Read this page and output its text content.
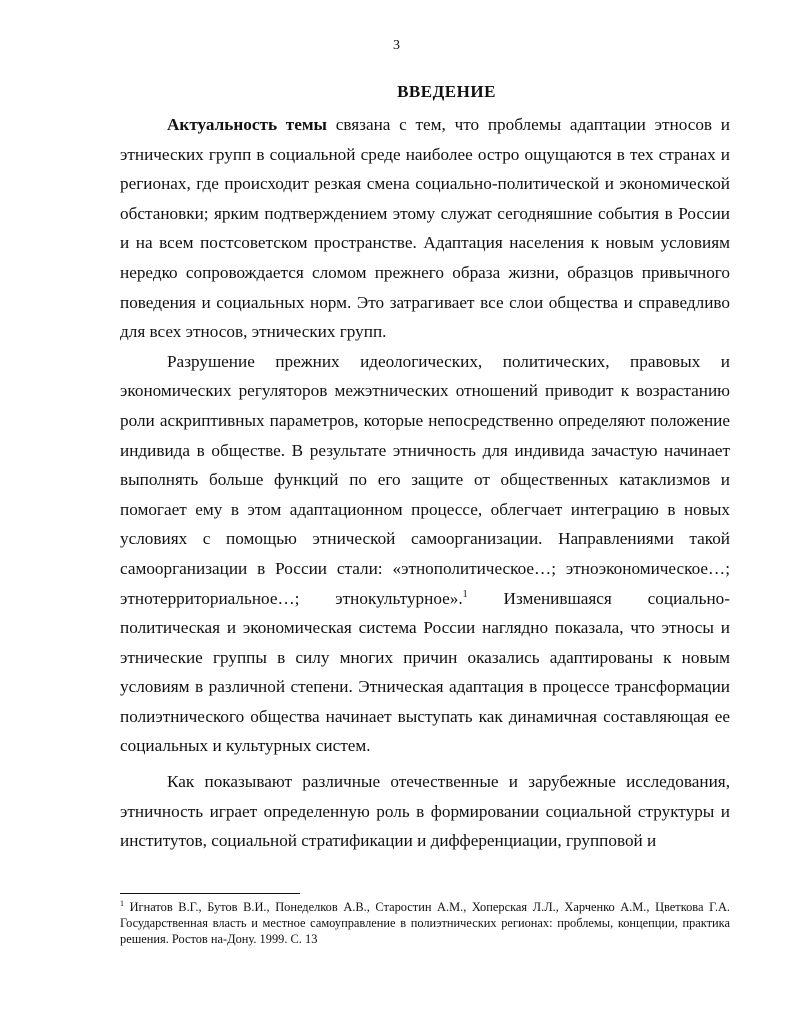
3
ВВЕДЕНИЕ

Актуальность темы связана с тем, что проблемы адаптации этносов и этнических групп в социальной среде наиболее остро ощущаются в тех странах и регионах, где происходит резкая смена социально-политической и экономической обстановки; ярким подтверждением этому служат сегодняшние события в России и на всем постсоветском пространстве. Адаптация населения к новым условиям нередко сопровождается сломом прежнего образа жизни, образцов привычного поведения и социальных норм. Это затрагивает все слои общества и справедливо для всех этносов, этнических групп.

Разрушение прежних идеологических, политических, правовых и экономических регуляторов межэтнических отношений приводит к возрастанию роли аскриптивных параметров, которые непосредственно определяют положение индивида в обществе. В результате этничность для индивида зачастую начинает выполнять больше функций по его защите от общественных катаклизмов и помогает ему в этом адаптационном процессе, облегчает интеграцию в новых условиях с помощью этнической самоорганизации. Направлениями такой самоорганизации в России стали: «этнополитическое…; этноэкономическое…; этнотерриториальное…; этнокультурное».$^1$ Изменившаяся социально-политическая и экономическая система России наглядно показала, что этносы и этнические группы в силу многих причин оказались адаптированы к новым условиям в различной степени. Этническая адаптация в процессе трансформации полиэтнического общества начинает выступать как динамичная составляющая ее социальных и культурных систем.

Как показывают различные отечественные и зарубежные исследования, этничность играет определенную роль в формировании социальной структуры и институтов, социальной стратификации и дифференциации, групповой и

$^1$ Игнатов В.Г., Бутов В.И., Понеделков А.В., Старостин А.М., Хоперская Л.Л., Харченко А.М., Цветкова Г.А. Государственная власть и местное самоуправление в полиэтнических регионах: проблемы, концепции, практика решения. Ростов на-Дону. 1999. С. 13
